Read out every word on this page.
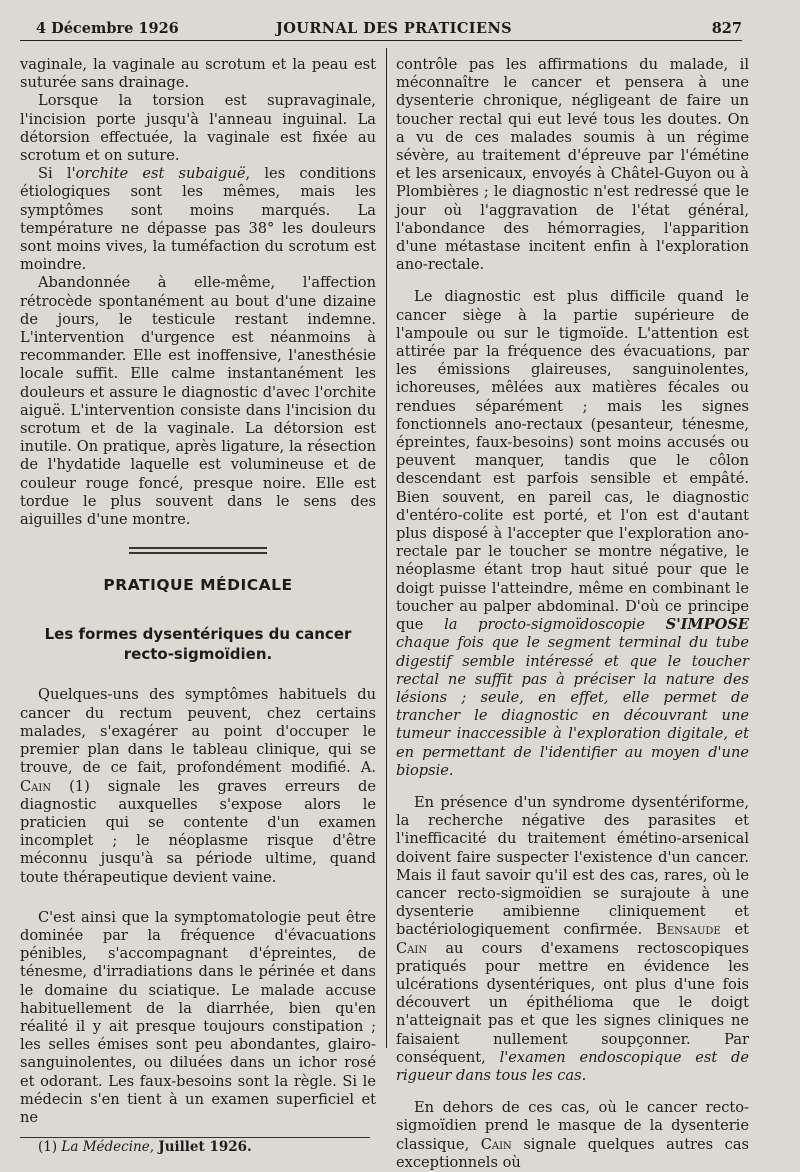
4 Décembre 1926	JOURNAL DES PRATICIENS	827

vaginale, la vaginale au scrotum et la peau est suturée sans drainage.

Lorsque la torsion est supravaginale, l'incision porte jusqu'à l'anneau inguinal. La détorsion effectuée, la vaginale est fixée au scrotum et on suture.

Si l'orchite est subaiguë, les conditions étiologiques sont les mêmes, mais les symptômes sont moins marqués. La température ne dépasse pas 38° les douleurs sont moins vives, la tuméfaction du scrotum est moindre.

Abandonnée à elle-même, l'affection rétrocède spontanément au bout d'une dizaine de jours, le testicule restant indemne. L'intervention d'urgence est néanmoins à recommander. Elle est inoffensive, l'anesthésie locale suffit. Elle calme instantanément les douleurs et assure le diagnostic d'avec l'orchite aiguë. L'intervention consiste dans l'incision du scrotum et de la vaginale. La détorsion est inutile. On pratique, après ligature, la résection de l'hydatide laquelle est volumineuse et de couleur rouge foncé, presque noire. Elle est tordue le plus souvent dans le sens des aiguilles d'une montre.

PRATIQUE MÉDICALE
Les formes dysentériques du cancer
recto-sigmoïdien.

Quelques-uns des symptômes habituels du cancer du rectum peuvent, chez certains malades, s'exagérer au point d'occuper le premier plan dans le tableau clinique, qui se trouve, de ce fait, profondément modifié. A. Cain (1) signale les graves erreurs de diagnostic auxquelles s'expose alors le praticien qui se contente d'un examen incomplet ; le néoplasme risque d'être méconnu jusqu'à sa période ultime, quand toute thérapeutique devient vaine.

C'est ainsi que la symptomatologie peut être dominée par la fréquence d'évacuations pénibles, s'accompagnant d'épreintes, de ténesme, d'irradiations dans le périnée et dans le domaine du sciatique. Le malade accuse habituellement de la diarrhée, bien qu'en réalité il y ait presque toujours constipation ; les selles émises sont peu abondantes, glairo-sanguinolentes, ou diluées dans un ichor rosé et odorant. Les faux-besoins sont la règle. Si le médecin s'en tient à un examen superficiel et ne

(1) La Médecine, Juillet 1926.

contrôle pas les affirmations du malade, il méconnaître le cancer et pensera à une dysenterie chronique, négligeant de faire un toucher rectal qui eut levé tous les doutes. On a vu de ces malades soumis à un régime sévère, au traitement d'épreuve par l'émétine et les arsenicaux, envoyés à Châtel-Guyon ou à Plombières ; le diagnostic n'est redressé que le jour où l'aggravation de l'état général, l'abondance des hémorragies, l'apparition d'une métastase incitent enfin à l'exploration ano-rectale.

Le diagnostic est plus difficile quand le cancer siège à la partie supérieure de l'ampoule ou sur le tigmoïde. L'attention est attirée par la fréquence des évacuations, par les émissions glaireuses, sanguinolentes, ichoreuses, mêlées aux matières fécales ou rendues séparément ; mais les signes fonctionnels ano-rectaux (pesanteur, ténesme, épreintes, faux-besoins) sont moins accusés ou peuvent manquer, tandis que le côlon descendant est parfois sensible et empâté. Bien souvent, en pareil cas, le diagnostic d'entéro-colite est porté, et l'on est d'autant plus disposé à l'accepter que l'exploration ano-rectale par le toucher se montre négative, le néoplasme étant trop haut situé pour que le doigt puisse l'atteindre, même en combinant le toucher au palper abdominal. D'où ce principe que la procto-sigmoïdoscopie S'IMPOSE chaque fois que le segment terminal du tube digestif semble intéressé et que le toucher rectal ne suffit pas à préciser la nature des lésions ; seule, en effet, elle permet de trancher le diagnostic en découvrant une tumeur inaccessible à l'exploration digitale, et en permettant de l'identifier au moyen d'une biopsie.

En présence d'un syndrome dysentériforme, la recherche négative des parasites et l'inefficacité du traitement émétino-arsenical doivent faire suspecter l'existence d'un cancer. Mais il faut savoir qu'il est des cas, rares, où le cancer recto-sigmoïdien se surajoute à une dysenterie amibienne cliniquement et bactériologiquement confirmée. Bensaude et Cain au cours d'examens rectoscopiques pratiqués pour mettre en évidence les ulcérations dysentériques, ont plus d'une fois découvert un épithélioma que le doigt n'atteignait pas et que les signes cliniques ne faisaient nullement soupçonner. Par conséquent, l'examen endoscopique est de rigueur dans tous les cas.

En dehors de ces cas, où le cancer recto-sigmoïdien prend le masque de la dysenterie classique, Cain signale quelques autres cas exceptionnels où
